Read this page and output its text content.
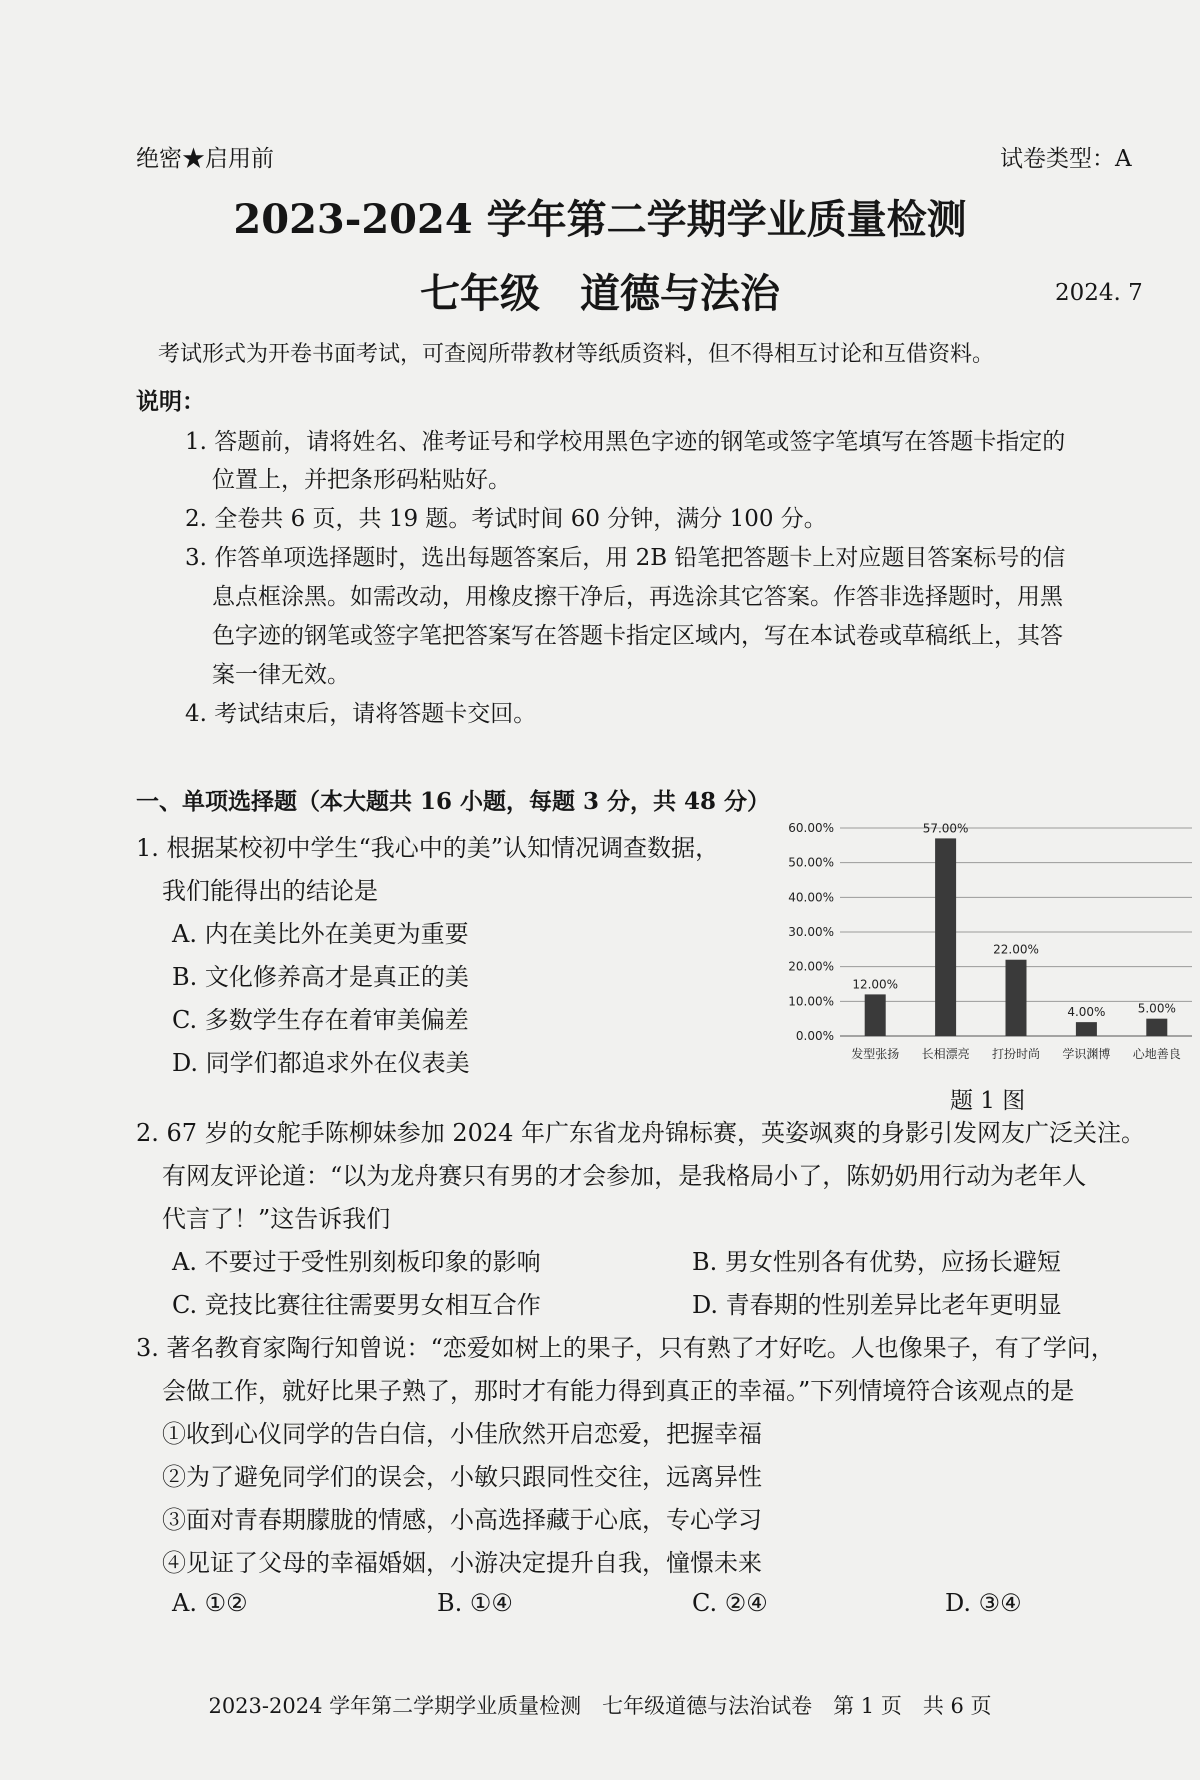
绝密★启用前	试卷类型：A
2023-2024 学年第二学期学业质量检测
七年级　道德与法治	2024. 7
考试形式为开卷书面考试，可查阅所带教材等纸质资料，但不得相互讨论和互借资料。
说明：
1. 答题前，请将姓名、准考证号和学校用黑色字迹的钢笔或签字笔填写在答题卡指定的
位置上，并把条形码粘贴好。
2. 全卷共 6 页，共 19 题。考试时间 60 分钟，满分 100 分。
3. 作答单项选择题时，选出每题答案后，用 2B 铅笔把答题卡上对应题目答案标号的信
息点框涂黑。如需改动，用橡皮擦干净后，再选涂其它答案。作答非选择题时，用黑
色字迹的钢笔或签字笔把答案写在答题卡指定区域内，写在本试卷或草稿纸上，其答
案一律无效。
4. 考试结束后，请将答题卡交回。
一、单项选择题（本大题共 16 小题，每题 3 分，共 48 分）
1. 根据某校初中学生“我心中的美”认知情况调查数据，
我们能得出的结论是
A. 内在美比外在美更为重要
B. 文化修养高才是真正的美
C. 多数学生存在着审美偏差
D. 同学们都追求外在仪表美
0.00%
10.00%
20.00%
30.00%
40.00%
50.00%
60.00%
12.00%
发型张扬
57.00%
长相漂亮
22.00%
打扮时尚
4.00%
学识渊博
5.00%
心地善良
题 1 图
2. 67 岁的女舵手陈柳妹参加 2024 年广东省龙舟锦标赛，英姿飒爽的身影引发网友广泛关注。
有网友评论道：“以为龙舟赛只有男的才会参加，是我格局小了，陈奶奶用行动为老年人
代言了！”这告诉我们
A. 不要过于受性别刻板印象的影响	B. 男女性别各有优势，应扬长避短
C. 竞技比赛往往需要男女相互合作	D. 青春期的性别差异比老年更明显
3. 著名教育家陶行知曾说：“恋爱如树上的果子，只有熟了才好吃。人也像果子，有了学问，
会做工作，就好比果子熟了，那时才有能力得到真正的幸福。”下列情境符合该观点的是
①收到心仪同学的告白信，小佳欣然开启恋爱，把握幸福
②为了避免同学们的误会，小敏只跟同性交往，远离异性
③面对青春期朦胧的情感，小高选择藏于心底，专心学习
④见证了父母的幸福婚姻，小游决定提升自我，憧憬未来
A. ①②	B. ①④	C. ②④	D. ③④
2023-2024 学年第二学期学业质量检测　七年级道德与法治试卷　第 1 页　共 6 页
